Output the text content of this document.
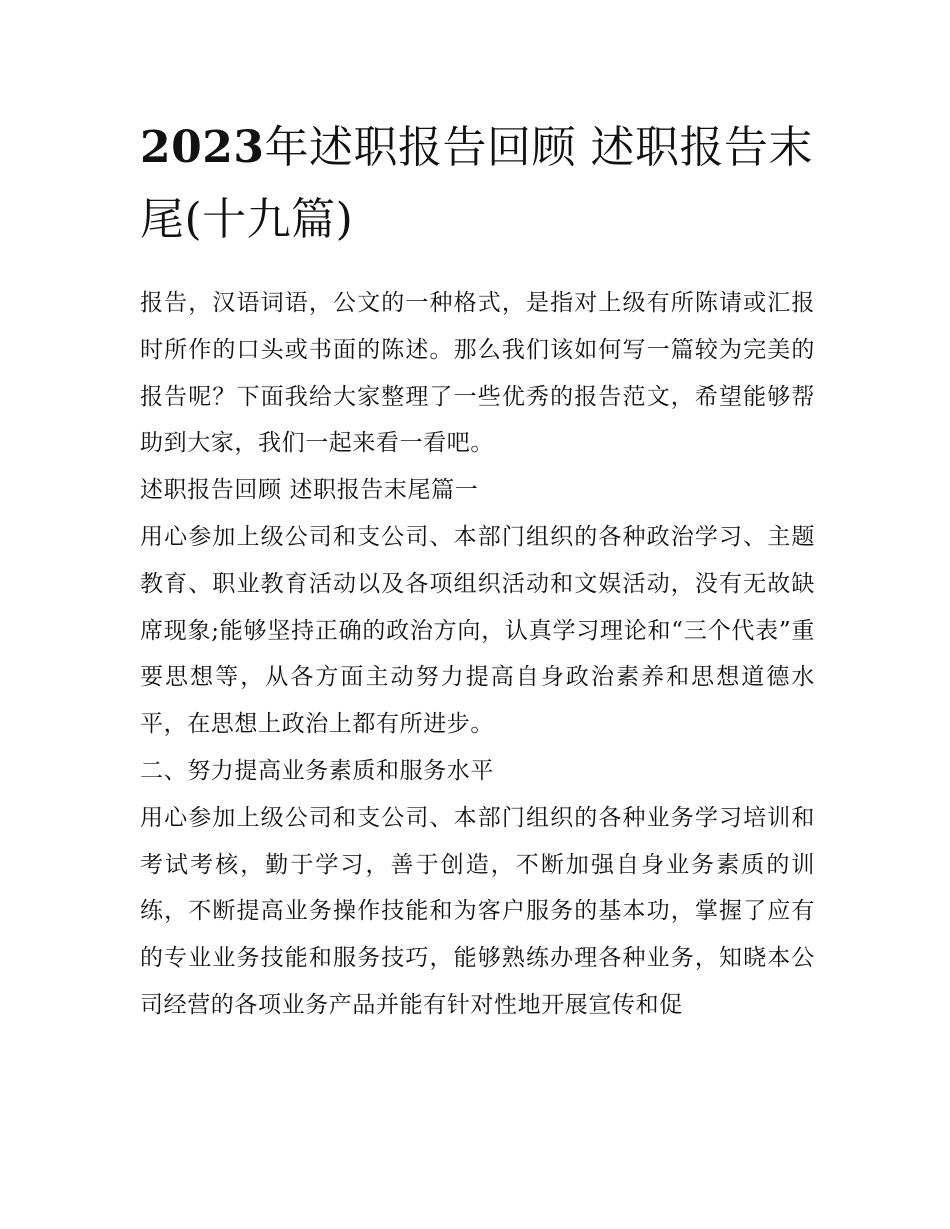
2023年述职报告回顾 述职报告末尾(十九篇)

报告，汉语词语，公文的一种格式，是指对上级有所陈请或汇报时所作的口头或书面的陈述。那么我们该如何写一篇较为完美的报告呢？下面我给大家整理了一些优秀的报告范文，希望能够帮助到大家，我们一起来看一看吧。

述职报告回顾 述职报告末尾篇一

用心参加上级公司和支公司、本部门组织的各种政治学习、主题教育、职业教育活动以及各项组织活动和文娱活动，没有无故缺席现象;能够坚持正确的政治方向，认真学习理论和“三个代表”重要思想等，从各方面主动努力提高自身政治素养和思想道德水平，在思想上政治上都有所进步。

二、努力提高业务素质和服务水平

用心参加上级公司和支公司、本部门组织的各种业务学习培训和考试考核，勤于学习，善于创造，不断加强自身业务素质的训练，不断提高业务操作技能和为客户服务的基本功，掌握了应有的专业业务技能和服务技巧，能够熟练办理各种业务，知晓本公司经营的各项业务产品并能有针对性地开展宣传和促
